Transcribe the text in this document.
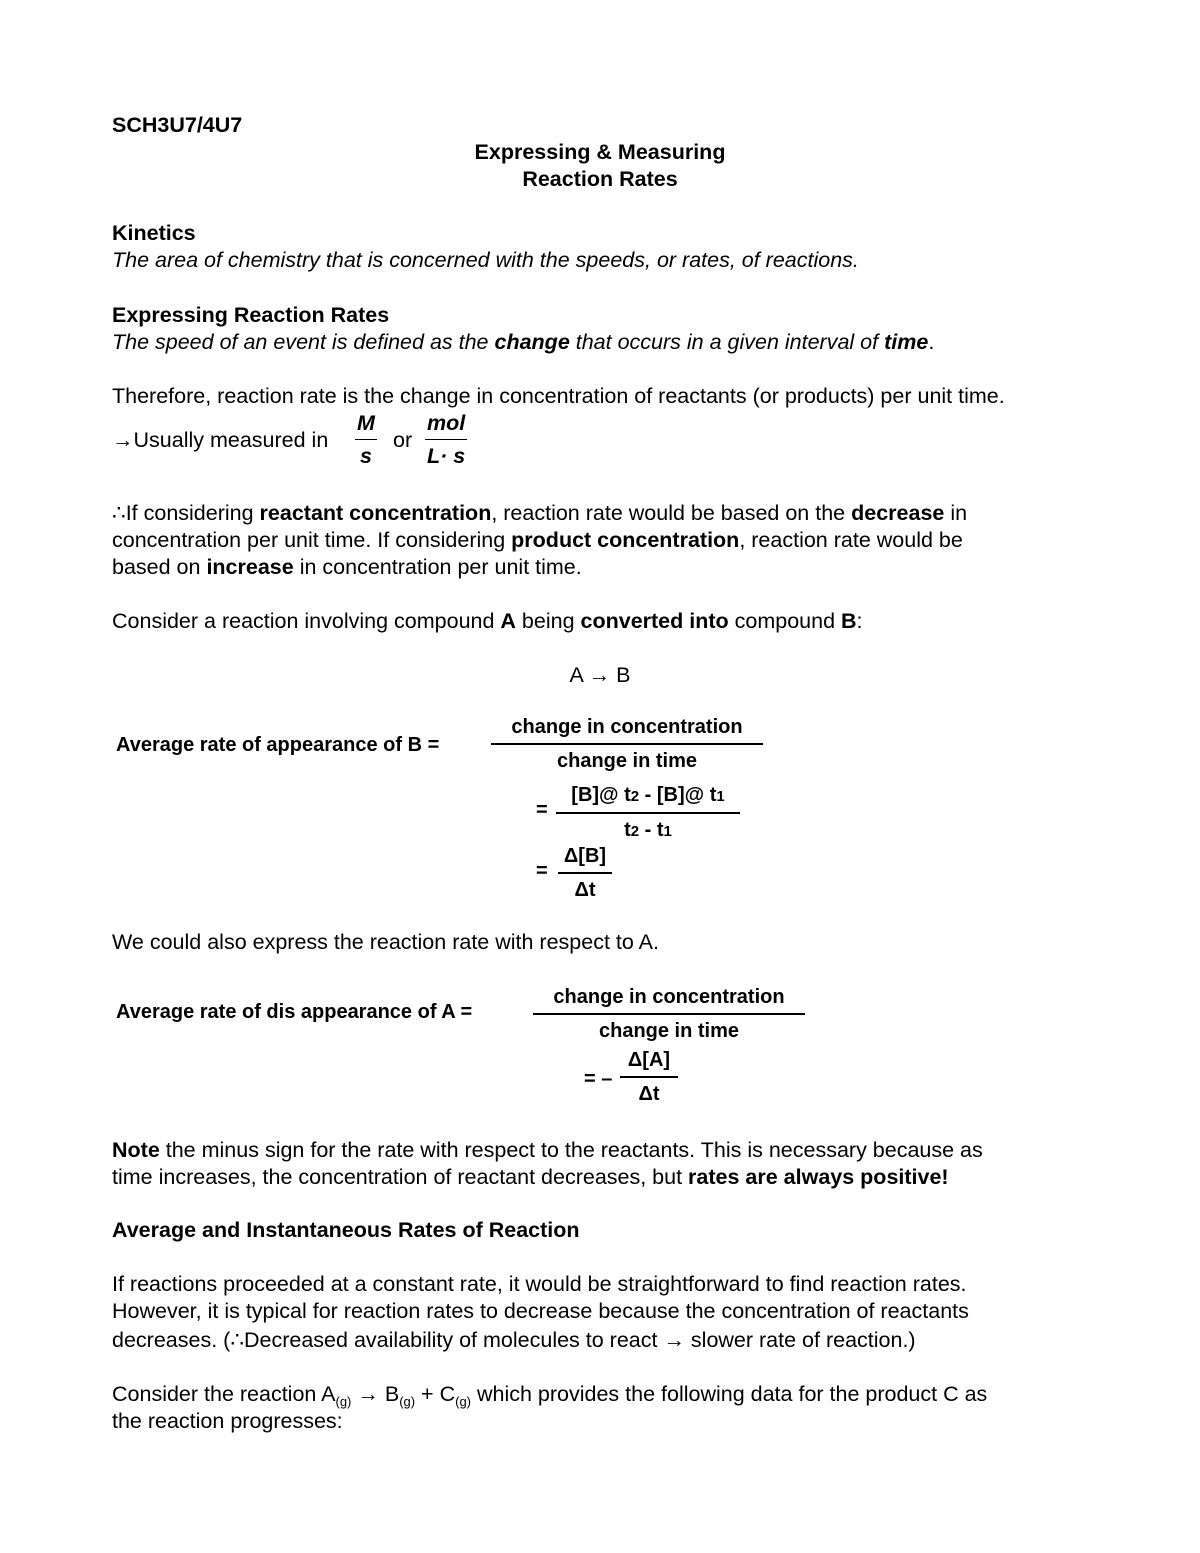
SCH3U7/4U7
Expressing & Measuring
Reaction Rates
Kinetics
The area of chemistry that is concerned with the speeds, or rates, of reactions.
Expressing Reaction Rates
The speed of an event is defined as the change that occurs in a given interval of time.
Therefore, reaction rate is the change in concentration of reactants (or products) per unit time.
→Usually measured in $\frac{M}{s}$ or
mol
L· s
∴If considering reactant concentration, reaction rate would be based on the decrease in
concentration per unit time. If considering product concentration, reaction rate would be
based on increase in concentration per unit time.
Consider a reaction involving compound A being converted into compound B:
A → B
Average rate of appearance of B =
change in concentration
change in time
= $\frac{[B]@ t2 - [B]@ t1}{t2 - t1}$
= $\frac{\Delta[B]}{\Delta t}$
We could also express the reaction rate with respect to A.
Average rate of dis appearance of A =
change in concentration
change in time
= – $\frac{\Delta[A]}{\Delta t}$
Note the minus sign for the rate with respect to the reactants. This is necessary because as
time increases, the concentration of reactant decreases, but rates are always positive!
Average and Instantaneous Rates of Reaction
If reactions proceeded at a constant rate, it would be straightforward to find reaction rates.
However, it is typical for reaction rates to decrease because the concentration of reactants
decreases. (∴Decreased availability of molecules to react → slower rate of reaction.)
Consider the reaction $A_{(g)} \to B_{(g)} + C_{(g)}$ which provides the following data for the product C as
the reaction progresses:
